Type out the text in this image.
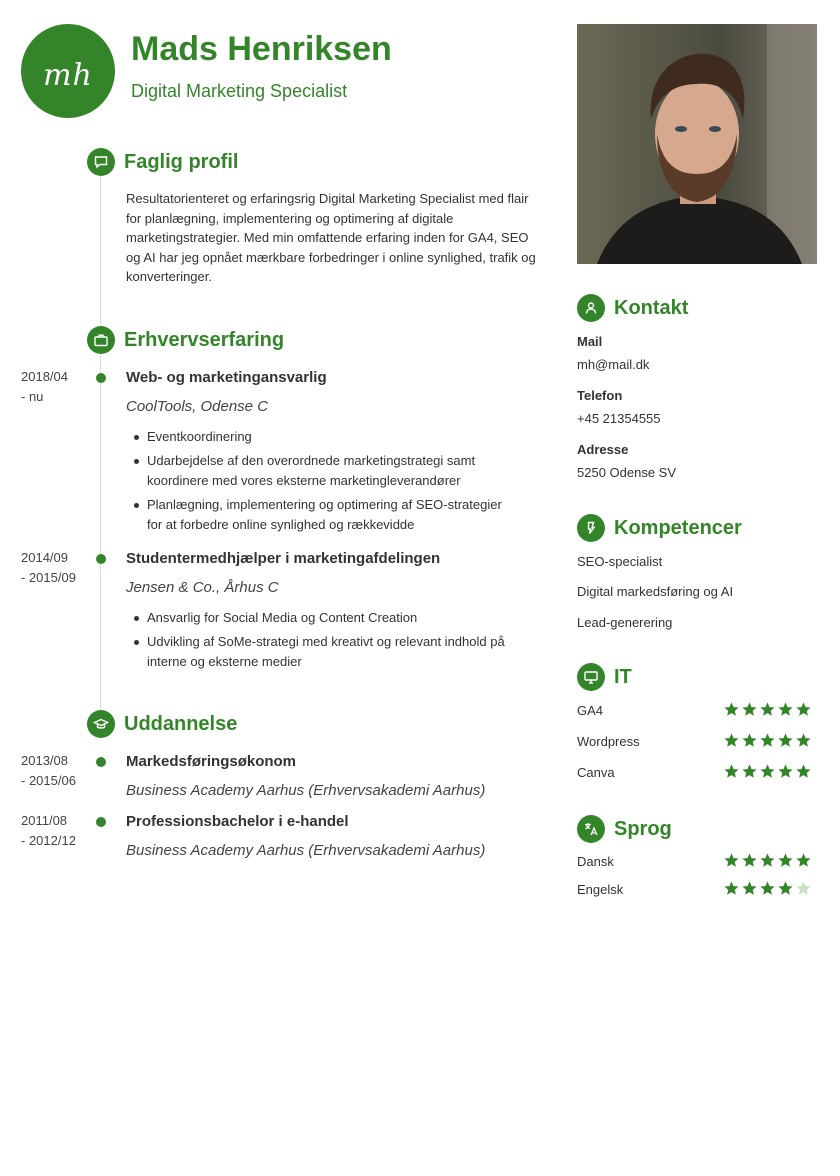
mh
Mads Henriksen

Digital Marketing Specialist

Faglig profil

Resultatorienteret og erfaringsrig Digital Marketing Specialist med flair for planlægning, implementering og optimering af digitale marketingstrategier. Med min omfattende erfaring inden for GA4, SEO og AI har jeg opnået mærkbare forbedringer i online synlighed, trafik og konverteringer.

Erhvervserfaring
2018/04
- nu
Web- og marketingansvarlig

CoolTools, Odense C

Eventkoordinering
Udarbejdelse af den overordnede marketingstrategi samt koordinere med vores eksterne marketingleverandører
Planlægning, implementering og optimering af SEO-strategier for at forbedre online synlighed og rækkevidde
2014/09
- 2015/09
Studentermedhjælper i marketingafdelingen

Jensen & Co., Århus C

Ansvarlig for Social Media og Content Creation
Udvikling af SoMe-strategi med kreativt og relevant indhold på interne og eksterne medier
Uddannelse
2013/08
- 2015/06
Markedsføringsøkonom

Business Academy Aarhus (Erhvervsakademi Aarhus)

2011/08
- 2012/12
Professionsbachelor i e-handel

Business Academy Aarhus (Erhvervsakademi Aarhus)

Kontakt

Mail

mh@mail.dk

Telefon

+45 21354555

Adresse

5250 Odense SV

Kompetencer

SEO-specialist

Digital markedsføring og AI

Lead-generering

IT

GA4

Wordpress

Canva

Sprog

Dansk

Engelsk
